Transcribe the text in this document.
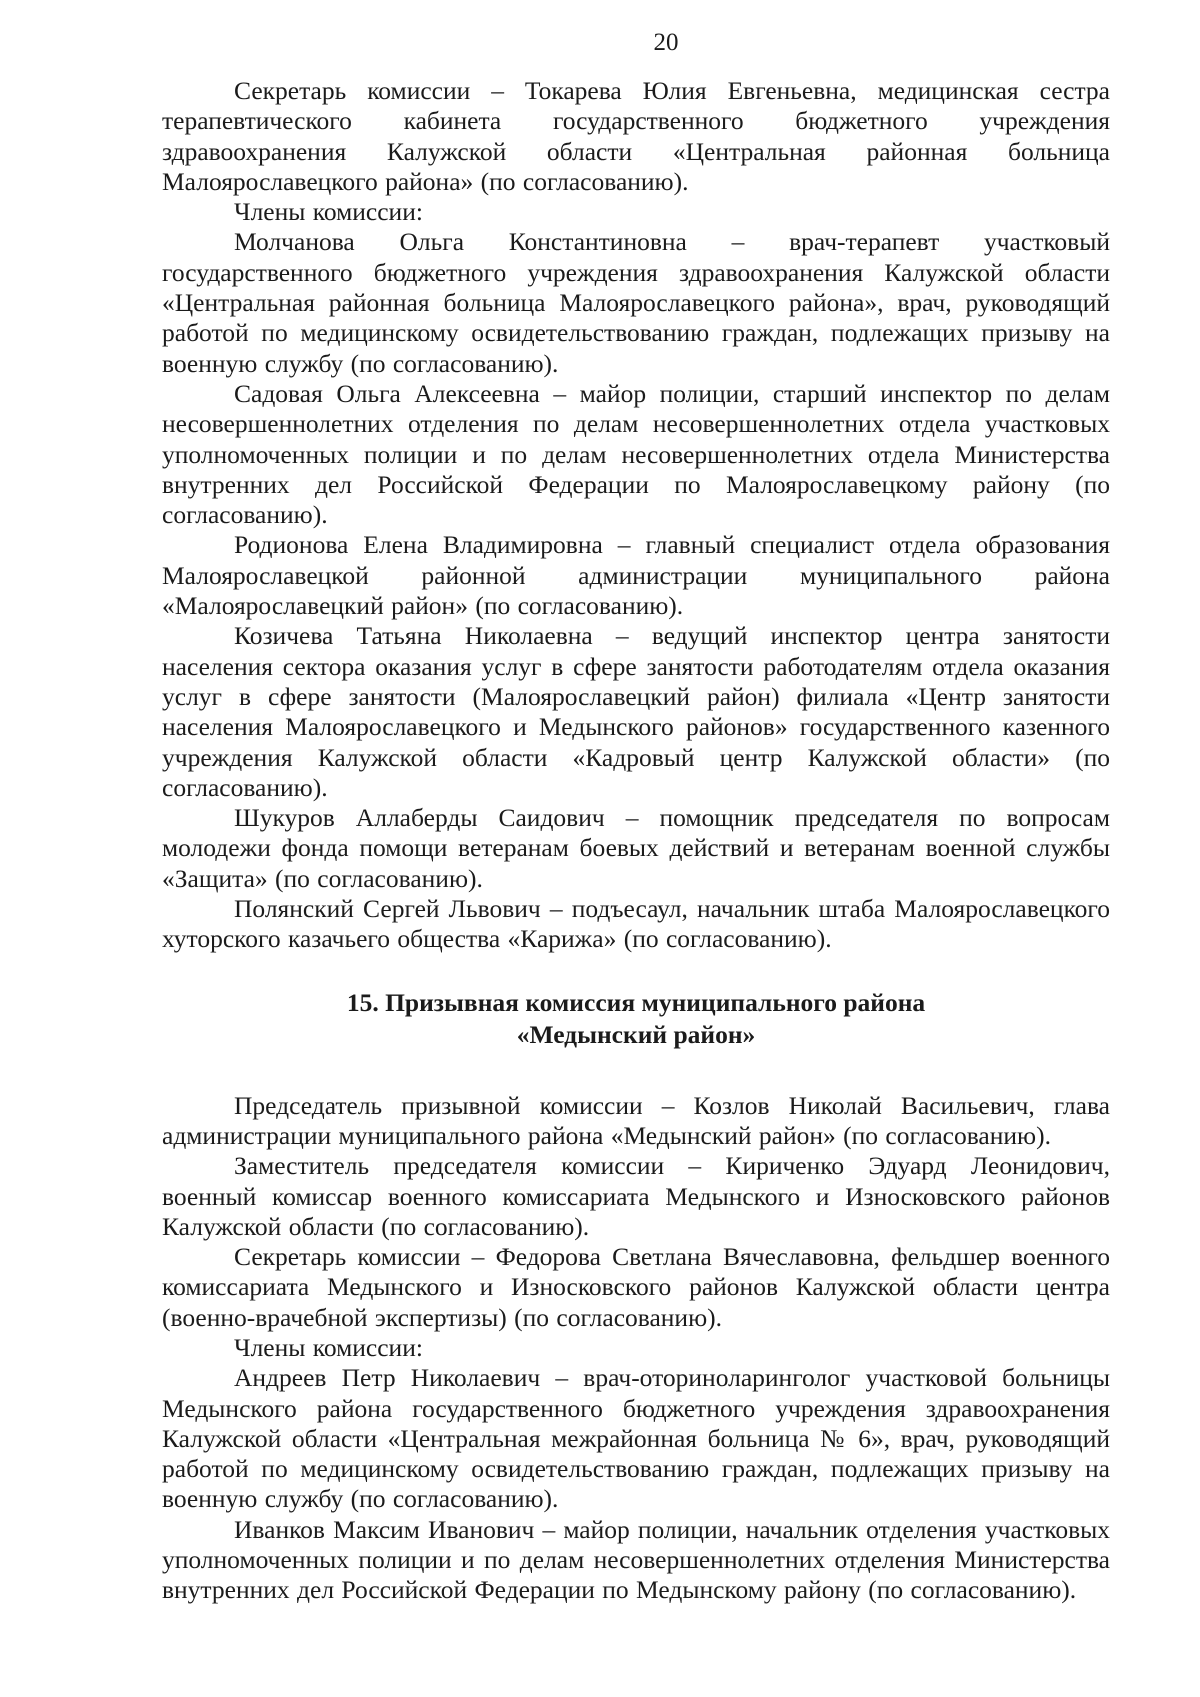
20

Секретарь комиссии – Токарева Юлия Евгеньевна, медицинская сестра терапевтического кабинета государственного бюджетного учреждения здравоохранения Калужской области «Центральная районная больница Малоярославецкого района» (по согласованию).

Члены комиссии:

Молчанова Ольга Константиновна – врач-терапевт участковый государственного бюджетного учреждения здравоохранения Калужской области «Центральная районная больница Малоярославецкого района», врач, руководящий работой по медицинскому освидетельствованию граждан, подлежащих призыву на военную службу (по согласованию).

Садовая Ольга Алексеевна – майор полиции, старший инспектор по делам несовершеннолетних отделения по делам несовершеннолетних отдела участковых уполномоченных полиции и по делам несовершеннолетних отдела Министерства внутренних дел Российской Федерации по Малоярославецкому району (по согласованию).

Родионова Елена Владимировна – главный специалист отдела образования Малоярославецкой районной администрации муниципального района «Малоярославецкий район» (по согласованию).

Козичева Татьяна Николаевна – ведущий инспектор центра занятости населения сектора оказания услуг в сфере занятости работодателям отдела оказания услуг в сфере занятости (Малоярославецкий район) филиала «Центр занятости населения Малоярославецкого и Медынского районов» государственного казенного учреждения Калужской области «Кадровый центр Калужской области» (по согласованию).

Шукуров Аллаберды Саидович – помощник председателя по вопросам молодежи фонда помощи ветеранам боевых действий и ветеранам военной службы «Защита» (по согласованию).

Полянский Сергей Львович – подъесаул, начальник штаба Малоярославецкого хуторского казачьего общества «Карижа» (по согласованию).

15. Призывная комиссия муниципального района
«Медынский район»

Председатель призывной комиссии – Козлов Николай Васильевич, глава администрации муниципального района «Медынский район» (по согласованию).

Заместитель председателя комиссии – Кириченко Эдуард Леонидович, военный комиссар военного комиссариата Медынского и Износковского районов Калужской области (по согласованию).

Секретарь комиссии – Федорова Светлана Вячеславовна, фельдшер военного комиссариата Медынского и Износковского районов Калужской области центра (военно-врачебной экспертизы) (по согласованию).

Члены комиссии:

Андреев Петр Николаевич – врач-оториноларинголог участковой больницы Медынского района государственного бюджетного учреждения здравоохранения Калужской области «Центральная межрайонная больница № 6», врач, руководящий работой по медицинскому освидетельствованию граждан, подлежащих призыву на военную службу (по согласованию).

Иванков Максим Иванович – майор полиции, начальник отделения участковых уполномоченных полиции и по делам несовершеннолетних отделения Министерства внутренних дел Российской Федерации по Медынскому району (по согласованию).
